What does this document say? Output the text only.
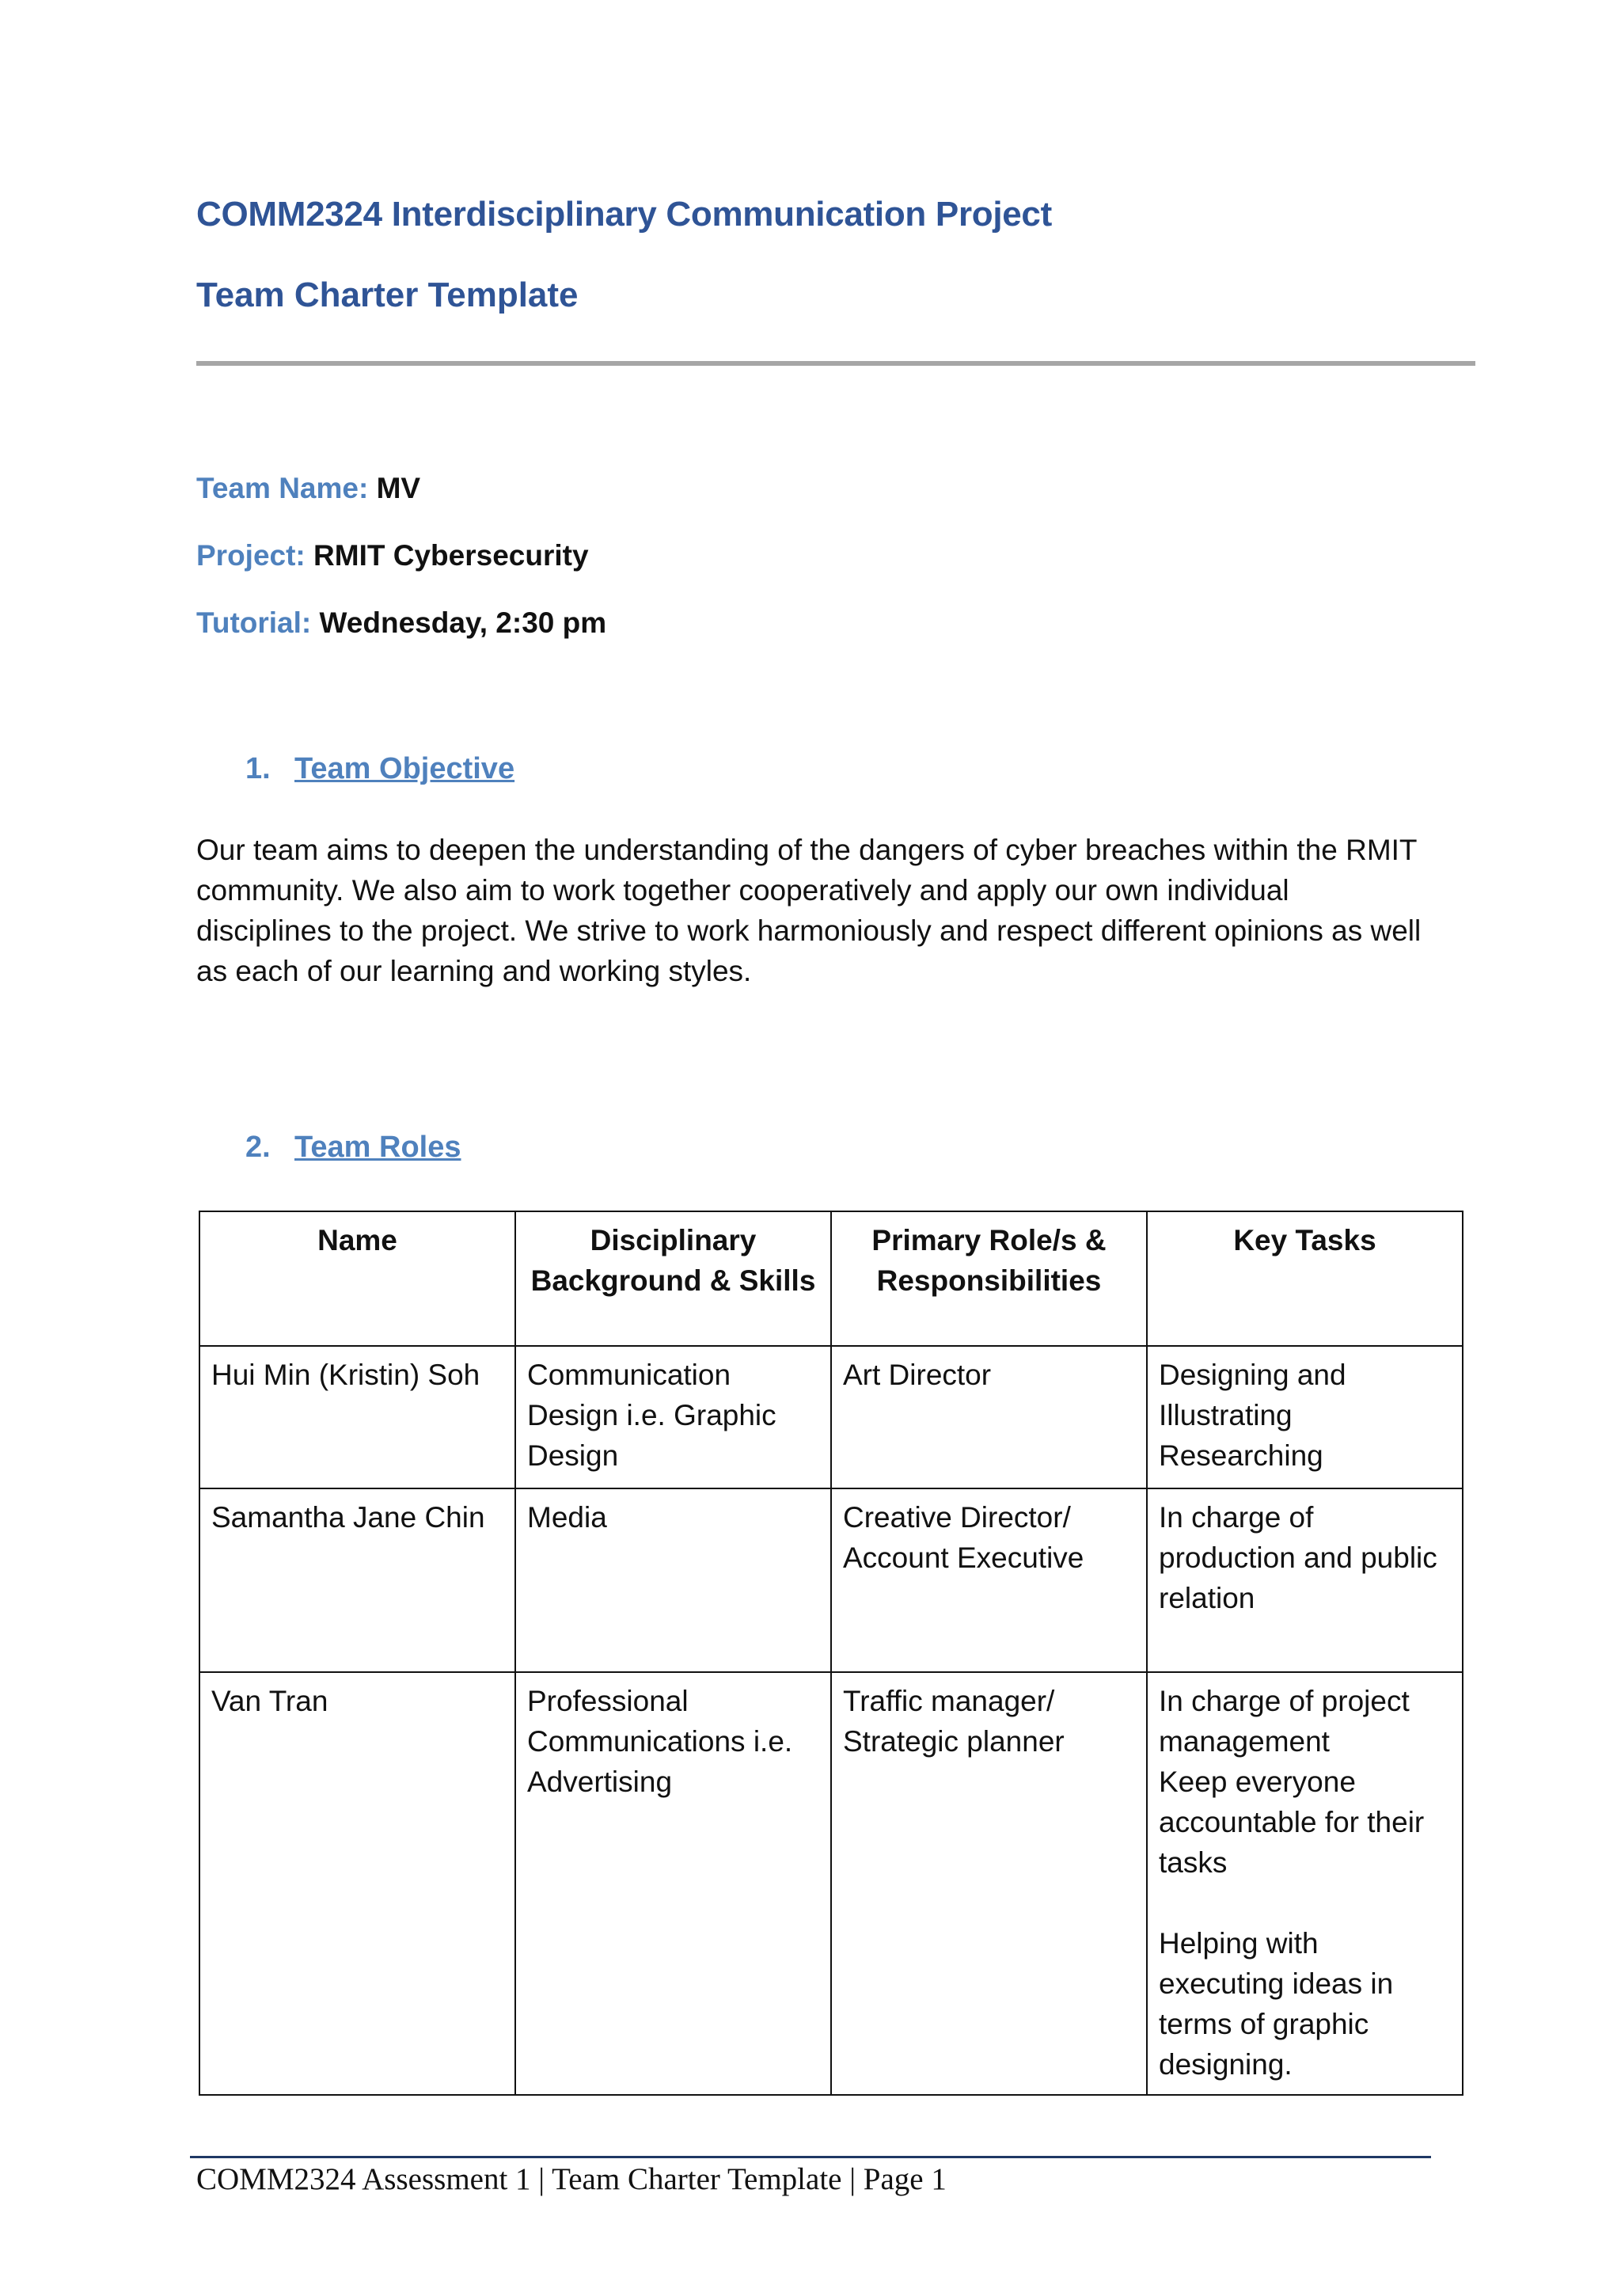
COMM2324 Interdisciplinary Communication Project
Team Charter Template
Team Name: MV
Project: RMIT Cybersecurity
Tutorial: Wednesday, 2:30 pm
1. Team Objective

Our team aims to deepen the understanding of the dangers of cyber breaches within the RMIT community. We also aim to work together cooperatively and apply our own individual disciplines to the project. We strive to work harmoniously and respect different opinions as well as each of our learning and working styles.

2. Team Roles
Name	Disciplinary Background & Skills	Primary Role/s & Responsibilities	Key Tasks
Hui Min (Kristin) Soh	Communication Design i.e. Graphic Design	Art Director	Designing and Illustrating
Researching

Samantha Jane Chin	Media	Creative Director/ Account Executive	In charge of production and public relation

Van Tran	Professional Communications i.e. Advertising	Traffic manager/ Strategic planner	In charge of project management
Keep everyone accountable for their tasks
Helping with executing ideas in terms of graphic designing.
COMM2324 Assessment 1 | Team Charter Template | Page 1
